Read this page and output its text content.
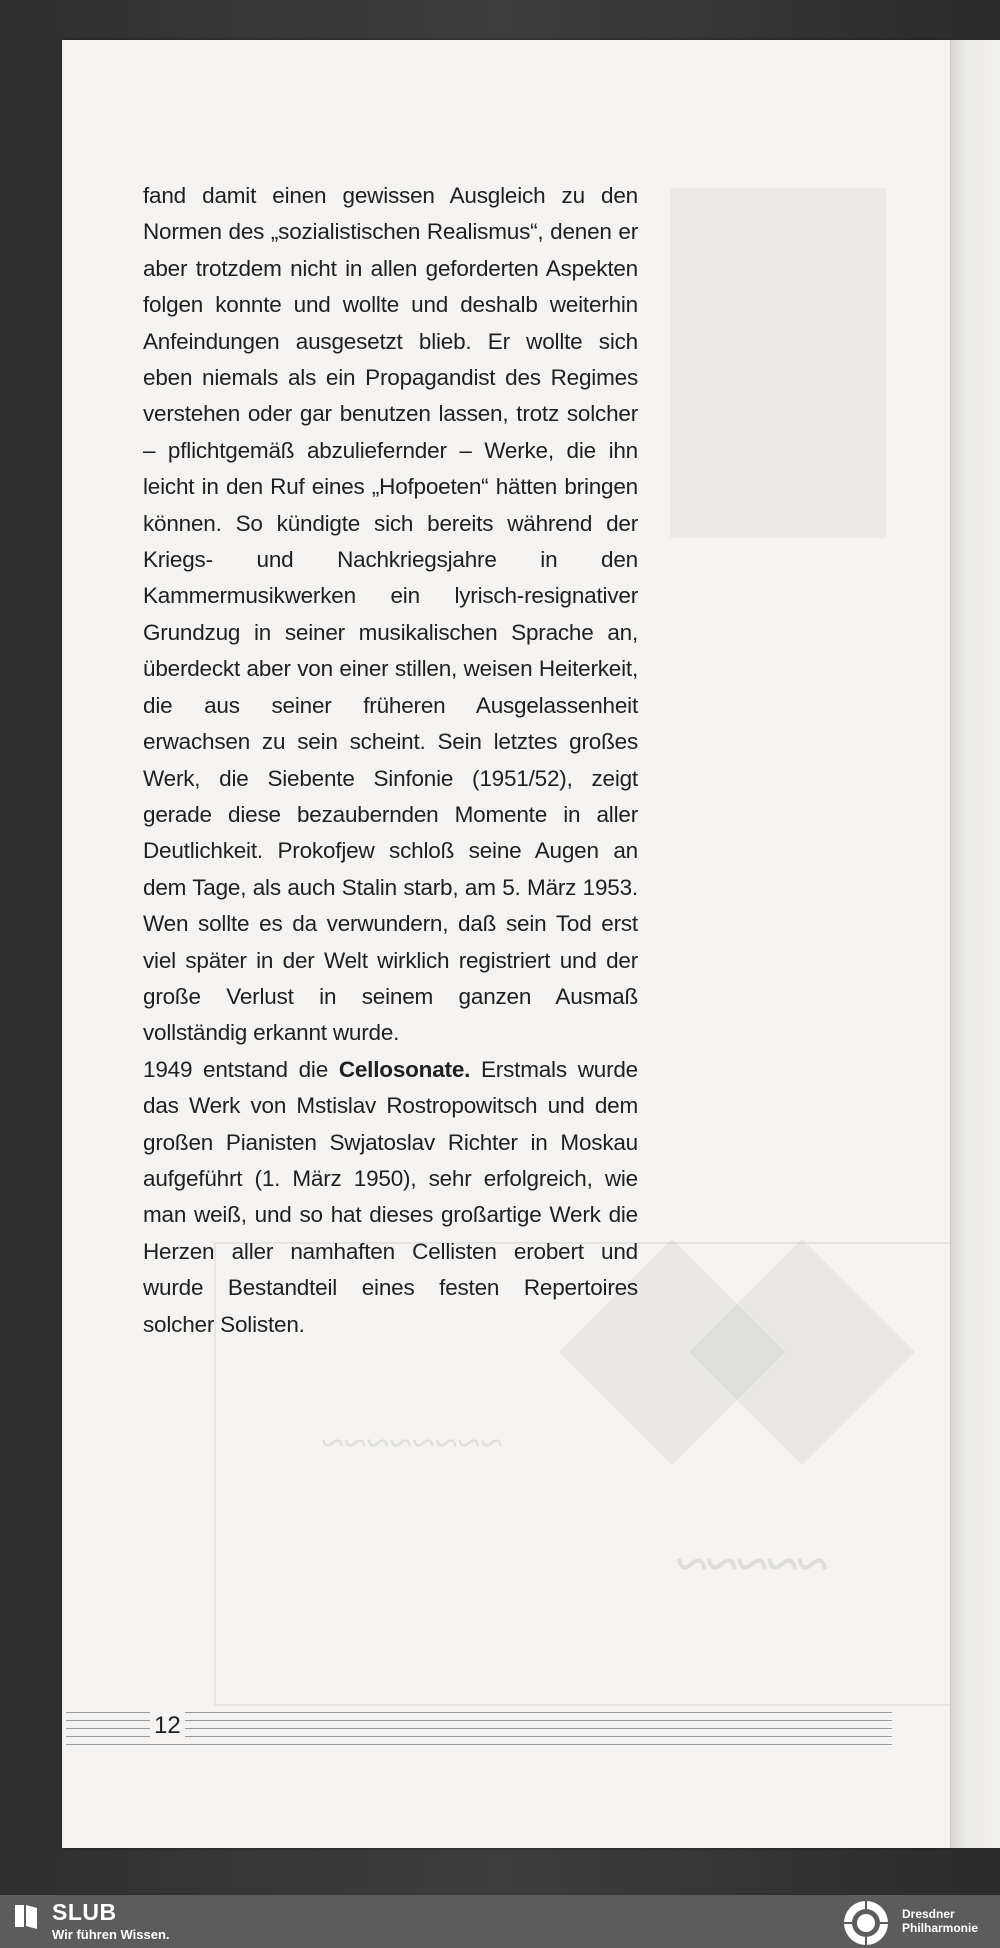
~~~~~~~~
~~~~~

fand damit einen gewissen Ausgleich zu den Normen des „sozialistischen Realismus“, denen er aber trotzdem nicht in allen geforderten Aspekten folgen konnte und wollte und deshalb weiterhin Anfeindungen ausgesetzt blieb. Er wollte sich eben niemals als ein Propagandist des Regimes verstehen oder gar benutzen lassen, trotz solcher – pflichtgemäß abzuliefernder – Werke, die ihn leicht in den Ruf eines „Hofpoeten“ hätten bringen können. So kündigte sich bereits während der Kriegs- und Nachkriegsjahre in den Kammermusikwerken ein lyrisch-resignativer Grundzug in seiner musikalischen Sprache an, überdeckt aber von einer stillen, weisen Heiterkeit, die aus seiner früheren Ausgelassenheit erwachsen zu sein scheint. Sein letztes großes Werk, die Siebente Sinfonie (1951/52), zeigt gerade diese bezaubernden Momente in aller Deutlichkeit. Prokofjew schloß seine Augen an dem Tage, als auch Stalin starb, am 5. März 1953. Wen sollte es da verwundern, daß sein Tod erst viel später in der Welt wirklich registriert und der große Verlust in seinem ganzen Ausmaß vollständig erkannt wurde.

1949 entstand die Cellosonate. Erstmals wurde das Werk von Mstislav Rostropowitsch und dem großen Pianisten Swjatoslav Richter in Moskau aufgeführt (1. März 1950), sehr erfolgreich, wie man weiß, und so hat dieses großartige Werk die Herzen aller namhaften Cellisten erobert und wurde Bestandteil eines festen Repertoires solcher Solisten.

12
SLUB
Wir führen Wissen.
Dresdner
Philharmonie
